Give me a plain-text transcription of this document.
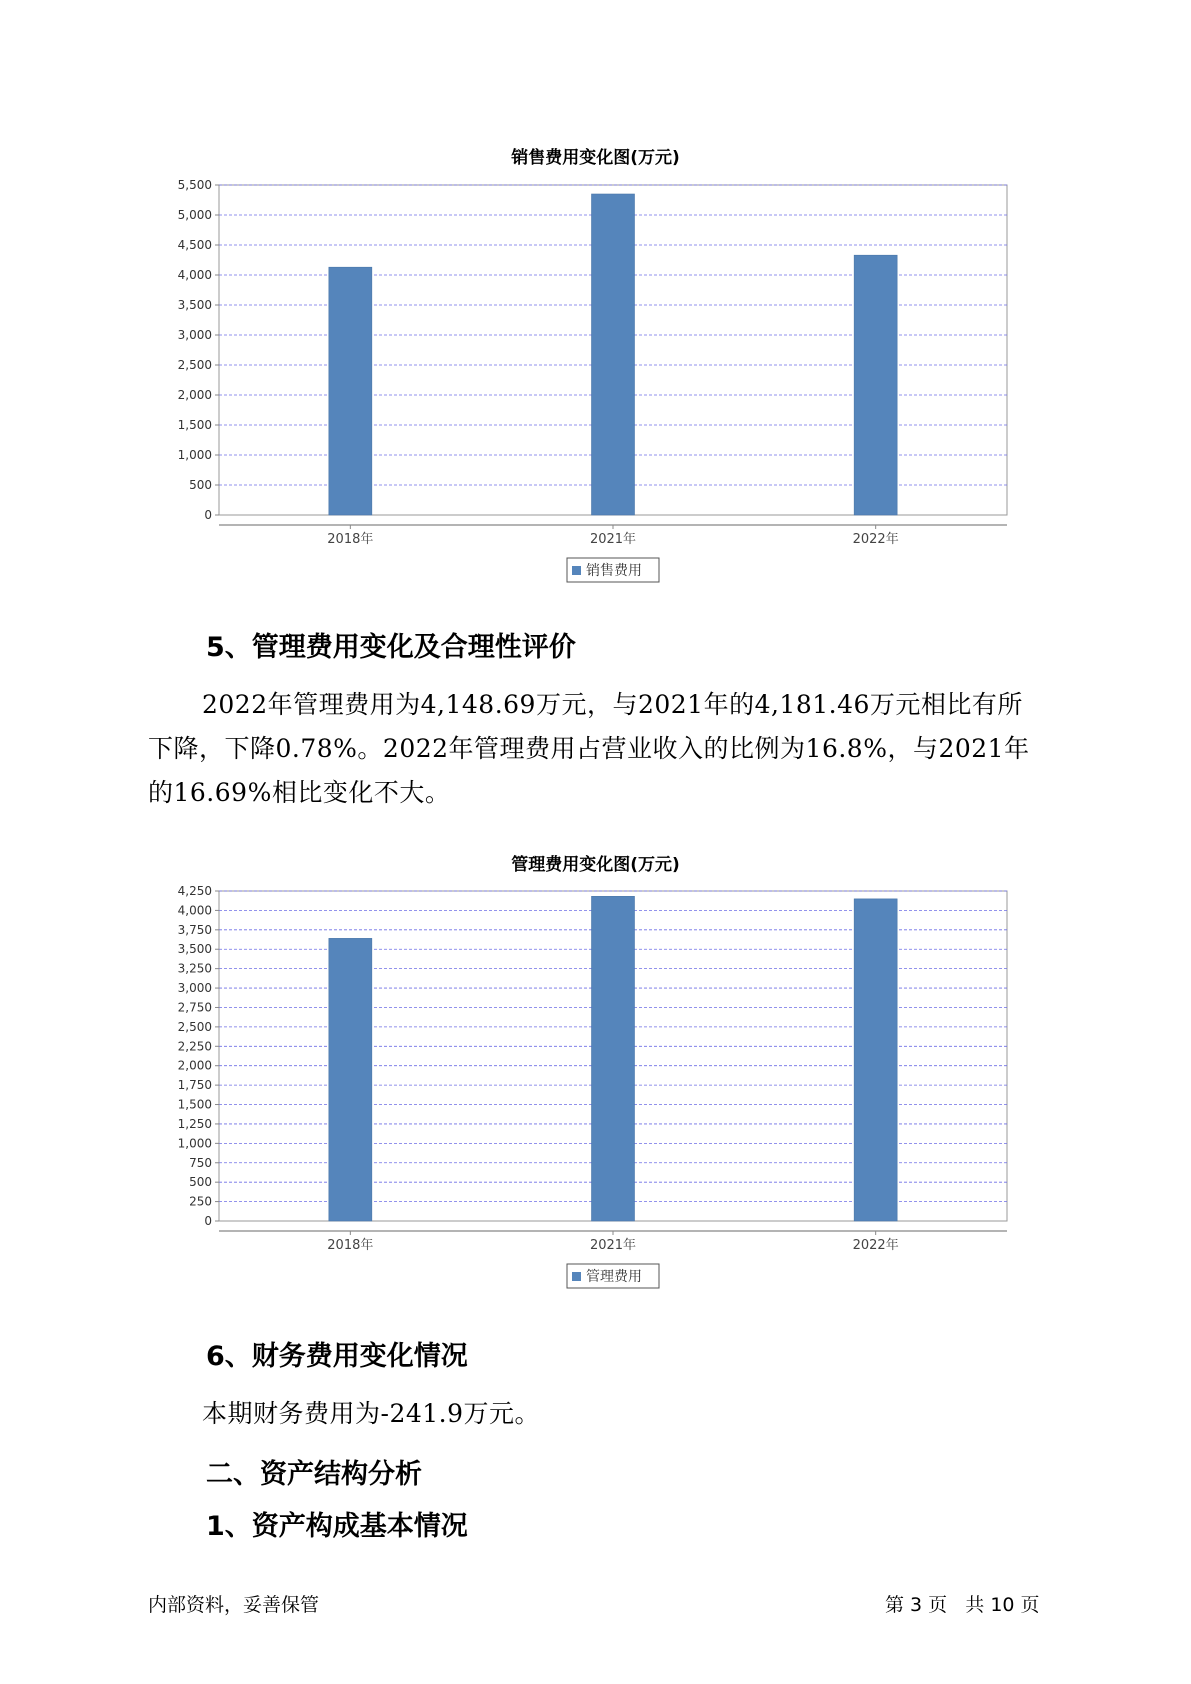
销售费用变化图(万元)
0
500
1,000
1,500
2,000
2,500
3,000
3,500
4,000
4,500
5,000
5,500
2018年	2021年	2022年
销售费用
5、管理费用变化及合理性评价
2022年管理费用为4,148.69万元，与2021年的4,181.46万元相比有所
下降，下降0.78%。2022年管理费用占营业收入的比例为16.8%，与2021年
的16.69%相比变化不大。
管理费用变化图(万元)
0
250
500
750
1,000
1,250
1,500
1,750
2,000
2,250
2,500
2,750
3,000
3,250
3,500
3,750
4,000
4,250
2018年	2021年	2022年
管理费用
6、财务费用变化情况
本期财务费用为-241.9万元。
二、资产结构分析
1、资产构成基本情况
内部资料，妥善保管	第 3 页   共 10 页
